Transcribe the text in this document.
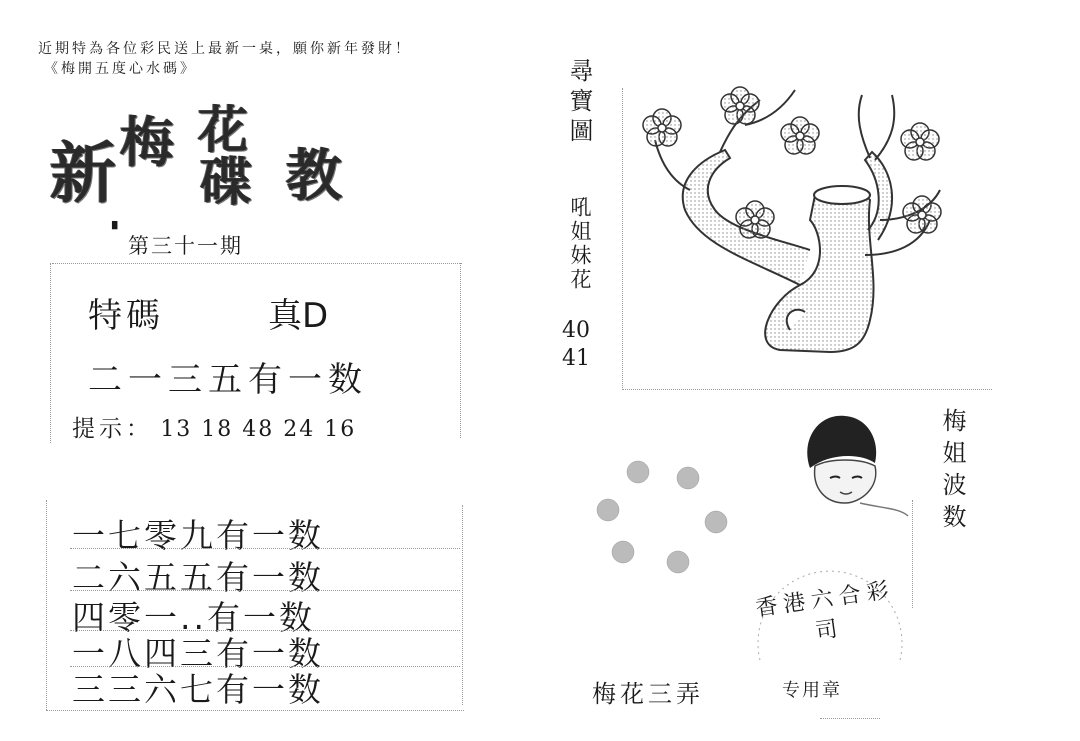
近期特為各位彩民送上最新一桌，願你新年發財！
《梅開五度心水碼》
新 梅 花
碟 教
▘
第三十一期
特碼	真D
二一三五有一数
提示： 13 18 48 24 16
一七零九有一数
二六五五有一数
四零一..有一数
一八四三有一数
三三六七有一数
尋寶圖
吼姐妹花
40
41
梅姐波数
香港六合彩司
专用章
梅花三弄
